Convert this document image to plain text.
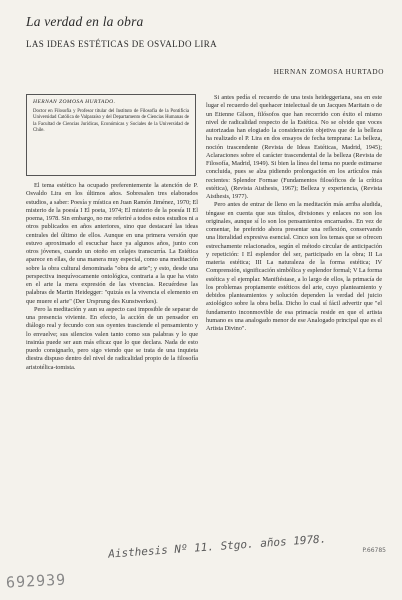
La verdad en la obra
LAS IDEAS ESTÉTICAS DE OSVALDO LIRA
HERNAN ZOMOSA HURTADO
HERNAN ZOMOSA HURTADO.
Doctor en Filosofía y Profesor titular del Instituto de Filosofía de la Pontificia Universidad Católica de Valparaíso y del Departamento de Ciencias Humanas de la Facultad de Ciencias Jurídicas, Económicas y Sociales de la Universidad de Chile.

El tema estético ha ocupado preferentemente la atención de P. Osvaldo Lira en los últimos años. Sobresalen tres elaborados estudios, a saber: Poesía y mística en Juan Ramón Jiménez, 1970; El misterio de la poesía I El poeta, 1974; El misterio de la poesía II El poema, 1978. Sin embargo, no me referiré a todos estos estudios ni a otros publicados en años anteriores, sino que destacaré las ideas centrales del último de ellos. Aunque en una primera versión que estuvo aproximado el escuchar hace ya algunos años, junto con otros jóvenes, cuando un otoño en celajes transcurría. La Estética aparece en ellas, de una manera muy especial, como una meditación sobre la obra cultural denominada "obra de arte"; y esto, desde una perspectiva inequívocamente ontológica, contraria a la que ha visto en el arte la mera expresión de las vivencias. Recuérdese las palabras de Martin Heidegger: "quizás es la vivencia el elemento en que muere el arte" (Der Ursprung des Kunstwerkes).

Pero la meditación y aun su aspecto casi imposible de separar de una presencia viviente. En efecto, la acción de un pensador en diálogo real y fecundo con sus oyentes trasciende el pensamiento y lo envuelve; sus silencios valen tanto como sus palabras y lo que insinúa puede ser aun más eficaz que lo que declara. Nada de esto puedo consignarlo, pero sigo viendo que se trata de una inquieta diestra dispuso dentro del nivel de radicalidad propio de la filosofía aristotélica-tomista.

Si antes pedía el recuerdo de una tesis heideggeriana, sea en este lugar el recuerdo del quehacer intelectual de un Jacques Maritain o de un Etienne Gilson, filósofos que han recorrido con éxito el mismo nivel de radicalidad respecto de la Estética. No se olvide que voces autorizadas han elogiado la consideración objetiva que de la belleza ha realizado el P. Lira en dos ensayos de fecha temprana: La belleza, noción trascendente (Revista de Ideas Estéticas, Madrid, 1945); Aclaraciones sobre el carácter trascendental de la belleza (Revista de Filosofía, Madrid, 1949). Si bien la línea del tema no puede estimarse concluida, pues se alza pidiendo prolongación en los artículos más recientes: Splendor Formae (Fundamentos filosóficos de la crítica estética), (Revista Aisthesis, 1967); Belleza y experiencia, (Revista Aisthesis, 1977).

Pero antes de entrar de lleno en la meditación más arriba aludida, téngase en cuenta que sus títulos, divisiones y enlaces no son los originales, aunque sí lo son los pensamientos encarnados. En vez de comentar, he preferido ahora presentar una reflexión, conservando una literalidad expresiva esencial. Cinco son los temas que se ofrecen estrechamente relacionados, según el método circular de anticipación y repetición: I El esplendor del ser, participado en la obra; II La materia estética; III La naturaleza de la forma estética; IV Comprensión, significación simbólica y esplendor formal; V La forma estética y el ejemplar. Manifiéstase, a lo largo de ellos, la primacía de los problemas propiamente estéticos del arte, cuyo planteamiento y debidos planteamientos y solución dependen la verdad del juicio axiológico sobre la obra bella. Dicho lo cual sí fácil advertir que "el fundamento inconmovible de esa primacía reside en que el artista humano es una analogado menor de ese Analogado principal que es el Artista Divino".

Aisthesis Nº 11. Stgo. años 1978.	P.66785
692939
